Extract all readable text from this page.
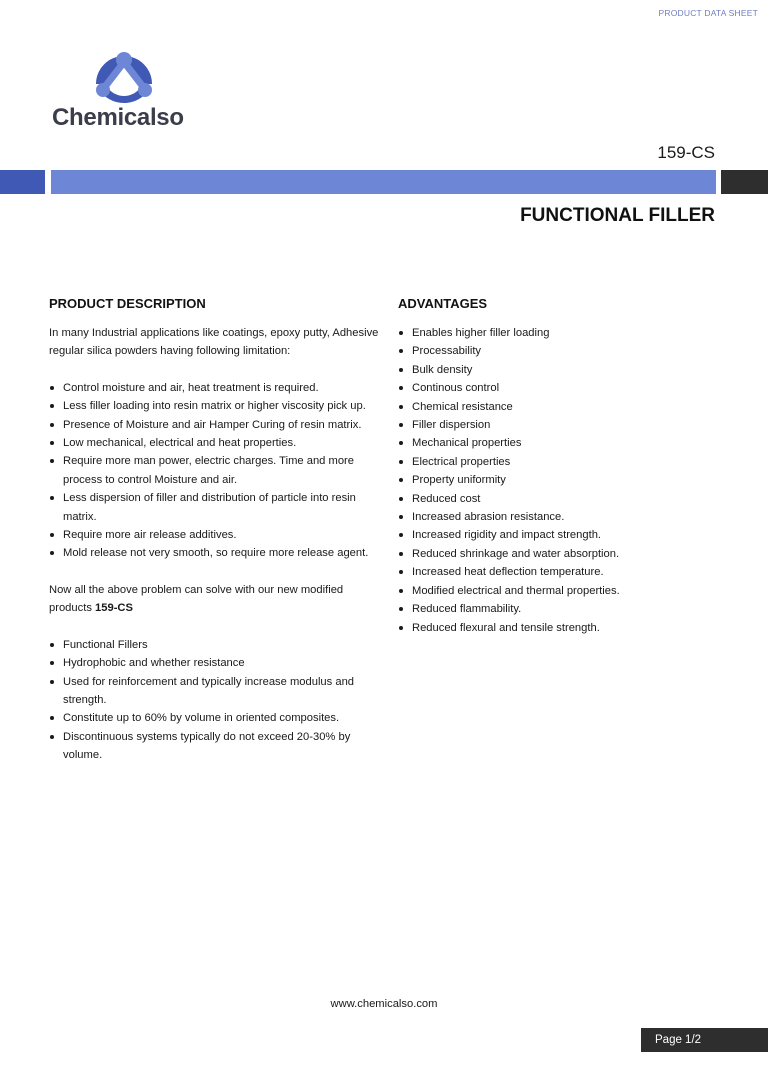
PRODUCT DATA SHEET
Chemicalso
159-CS
FUNCTIONAL FILLER
PRODUCT DESCRIPTION

In many Industrial applications like coatings, epoxy putty, Adhesive regular silica powders having following limitation:

Control moisture and air, heat treatment is required.
Less filler loading into resin matrix or higher viscosity pick up.
Presence of Moisture and air Hamper Curing of resin matrix.
Low mechanical, electrical and heat properties.
Require more man power, electric charges. Time and more process to control Moisture and air.
Less dispersion of filler and distribution of particle into resin matrix.
Require more air release additives.
Mold release not very smooth, so require more release agent.

Now all the above problem can solve with our new modified products 159-CS

Functional Fillers
Hydrophobic and whether resistance
Used for reinforcement and typically increase modulus and strength.
Constitute up to 60% by volume in oriented composites.
Discontinuous systems typically do not exceed 20-30% by volume.
ADVANTAGES
Enables higher filler loading
Processability
Bulk density
Continous control
Chemical resistance
Filler dispersion
Mechanical properties
Electrical properties
Property uniformity
Reduced cost
Increased abrasion resistance.
Increased rigidity and impact strength.
Reduced shrinkage and water absorption.
Increased heat deflection temperature.
Modified electrical and thermal properties.
Reduced flammability.
Reduced flexural and tensile strength.
www.chemicalso.com
Page 1/2
